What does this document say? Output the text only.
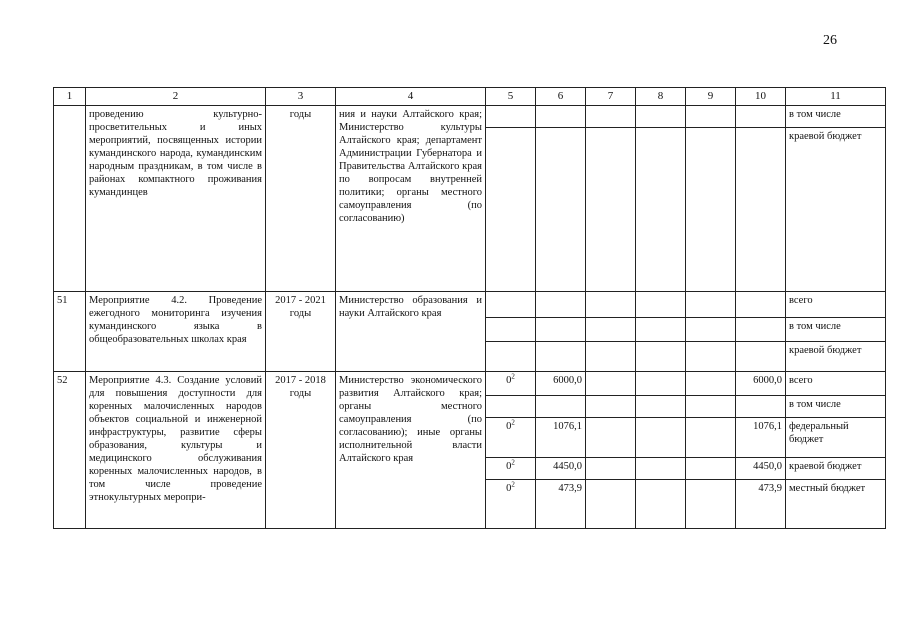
26
1	2	3	4	5	6	7	8	9	10	11
	проведению культурно-просветительных и иных мероприятий, посвященных истории кумандинского народа, кумандинским народным праздникам, в том числе в районах компактного проживания кумандинцев	годы	ния и науки Алтайского края; Министерство культуры Алтайского края; департамент Администрации Губернатора и Правительства Алтайского края по вопросам внутренней политики; органы местного самоуправления (по согласованию)							в том числе
										краевой бюджет
51	Мероприятие 4.2. Проведение ежегодного мониторинга изучения кумандинского языка в общеобразовательных школах края	2017 - 2021 годы	Министерство образования и науки Алтайского края							всего
										в том числе
										краевой бюджет
52	Мероприятие 4.3. Создание условий для повышения доступности для коренных малочисленных народов объектов социальной и инженерной инфраструктуры, развитие сферы образования, культуры и медицинского обслуживания коренных малочисленных народов, в том числе проведение этнокультурных меропри-	2017 - 2018 годы	Министерство экономического развития Алтайского края; органы местного самоуправления (по согласованию); иные органы исполнительной власти Алтайского края	$0^2$	6000,0				6000,0	всего
										в том числе
				$0^2$	1076,1				1076,1	федеральный бюджет
				$0^2$	4450,0				4450,0	краевой бюджет
				$0^2$	473,9				473,9	местный бюджет
